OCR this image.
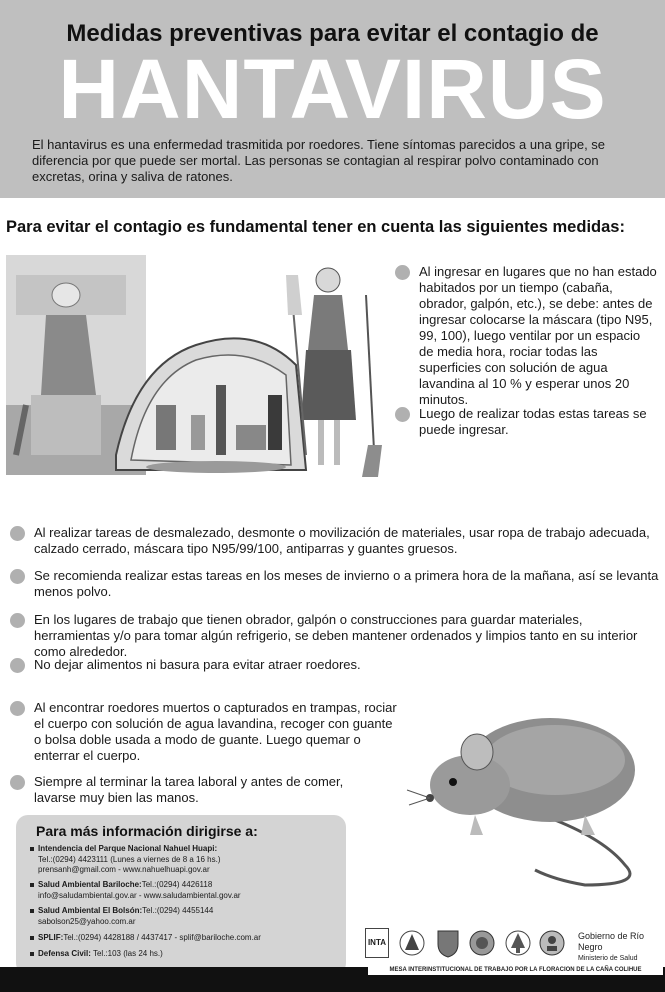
Medidas preventivas para evitar el contagio de
HANTAVIRUS
El hantavirus es una enfermedad trasmitida por roedores. Tiene síntomas parecidos a una gripe, se diferencia por que puede ser mortal. Las personas se contagian al respirar polvo contaminado con excretas, orina y saliva de ratones.
Para evitar el contagio es fundamental tener en cuenta las siguientes medidas:
Al ingresar en lugares que no han estado habitados por un tiempo (cabaña, obrador, galpón, etc.), se debe: antes de ingresar colocarse la máscara (tipo N95, 99, 100), luego ventilar por un espacio de media hora, rociar todas las superficies con solución de agua lavandina al 10 % y esperar unos 20 minutos.
Luego de realizar todas estas tareas se puede ingresar.
Al realizar tareas de desmalezado, desmonte o movilización de materiales, usar ropa de trabajo adecuada, calzado cerrado, máscara tipo N95/99/100, antiparras y guantes gruesos.
Se recomienda realizar estas tareas en los meses de invierno o a primera hora de la mañana, así se levanta menos polvo.
En los lugares de trabajo que tienen obrador, galpón o construcciones para guardar materiales, herramientas y/o para tomar algún refrigerio, se deben mantener ordenados y limpios tanto en su interior como alrededor.
No dejar alimentos ni basura para evitar atraer roedores.
Al encontrar roedores muertos o capturados en trampas, rociar el cuerpo con solución de agua lavandina, recoger con guante o bolsa doble usada a modo de guante. Luego quemar o enterrar el cuerpo.
Siempre al terminar la tarea laboral y antes de comer, lavarse muy bien las manos.
Para más información dirigirse a:
Intendencia del Parque Nacional Nahuel Huapi:
Tel.:(0294) 4423111 (Lunes a viernes de 8 a 16 hs.)
prensanh@gmail.com - www.nahuelhuapi.gov.ar
Salud Ambiental Bariloche:Tel.:(0294) 4426118
info@saludambiental.gov.ar - www.saludambiental.gov.ar
Salud Ambiental El Bolsón:Tel.:(0294) 4455144
sabolson25@yahoo.com.ar
SPLIF:Tel.:(0294) 4428188 / 4437417 - splif@bariloche.com.ar
Defensa Civil: Tel.:103 (las 24 hs.)
INTA
Gobierno de Río Negro
Ministerio de Salud
MESA INTERINSTITUCIONAL DE TRABAJO POR LA FLORACION DE LA CAÑA COLIHUE
